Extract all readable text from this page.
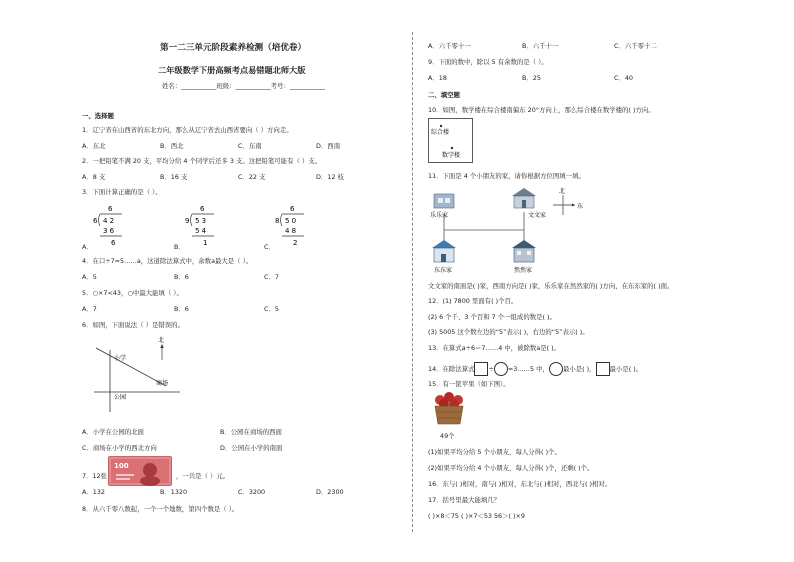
第一二三单元阶段素养检测（培优卷）
二年级数学下册高频考点易错题北师大版
姓名：___________班级：___________考号：___________
一、选择题
1．辽宁省在山西省的东北方向，那么从辽宁省去山西省要向（ ）方向走。
A．东北	B．西北	C．东南	D．西南
2．一把铅笔不满 20 支，平均分给 4 个同学后还多 3 支。这把铅笔可能有（ ）支。
A．8 支	B．16 支	C．22 支	D．12 枝
3．下面计算正确的是（ ）。
6
6 4 2
3 6
6
6
9 5 3
5 4
1
6
8 5 0
4 8
2
A．	B．	C．
4．在口÷7=5……a，这道除法算式中，余数a最大是（ ）。
A．5	B．6	C．7
5．○×7<43，○中最大能填（ ）。
A．7	B．6	C．5
6．如图，下面说法（ ）是错误的。
北
小学
公园
商场
A．小学在公园的北面	B．公园在商场的西面
C．商场在小学的西北方向	D．公园在小学的南面
100
7．12张	，一共是（ ）元。
A．132	B．1320	C．3200	D．2300
8．从六千零八数起，一个一个地数，第四个数是（ ）。
A．六千零十一	B．六千十一	C．六千零十二
9．下面的数中，除以 5 有余数的是（ ）。
A．18	B．25	C．40
二、填空题
10．如图，数学楼在综合楼南偏东 20°方向上，那么综合楼在数学楼的( )方向。
综合楼
数学楼
11．下面是 4 个小朋友的家，请你根据方位图填一填。
北
东
乐乐家	文文家
东东家	然然家
文文家的南面是( )家，西南方向是( )家，乐乐家在然然家的( )方向，在东东家的( )面。
12．(1) 7800 里面有( )个百。
(2) 6 个千、3 个百和 7 个一组成的数是( )。
(3) 5005 这个数左边的“5”表示( )，右边的“5”表示( )。
13．在算式a÷6＝7……4 中，被除数a是( )。
14．在除法算式 ÷ =3……5 中， 最小是( )， 最小是( )。
15．有一筐苹果（如下图）。
49个
(1)如果平均分给 5 个小朋友，每人分得( )个。
(2)如果平均分给 4 个小朋友，每人分得( )个，还剩( )个。
16．东与( )相对，南与( )相对，东北与( )相对，西北与( )相对。
17．括号里最大能填几？
( )×8＜75 ( )×7＜53 56＞( )×9
